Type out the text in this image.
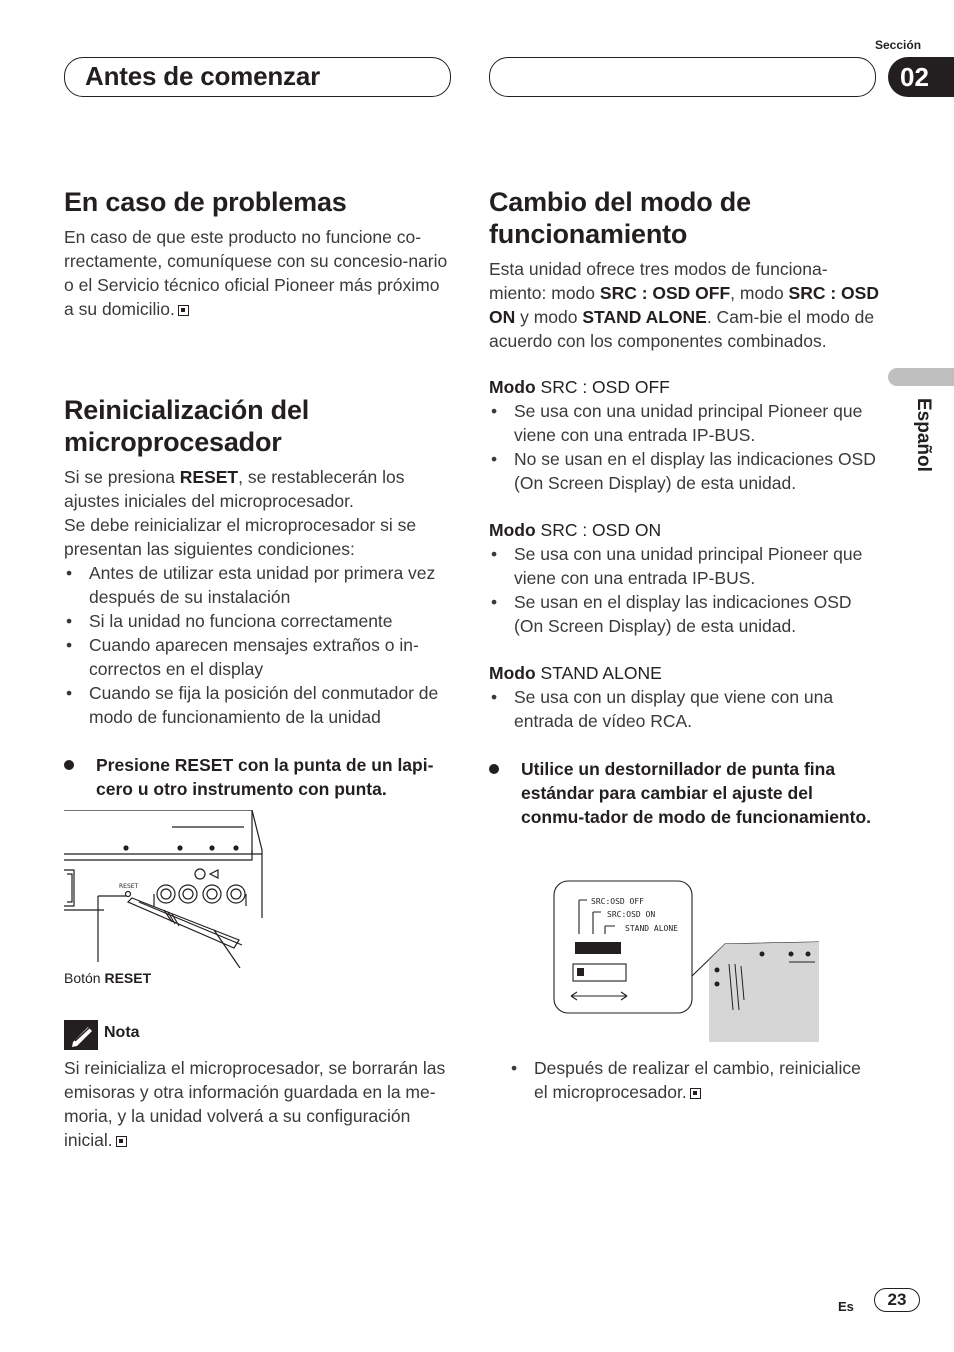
Antes de comenzar
Sección
02
Español
En caso de problemas

En caso de que este producto no funcione co-rrectamente, comuníquese con su concesio-nario o el Servicio técnico oficial Pioneer más próximo a su domicilio.

Reinicialización del
microprocesador

Si se presiona RESET, se restablecerán los ajustes iniciales del microprocesador.

Se debe reinicializar el microprocesador si se presentan las siguientes condiciones:

• Antes de utilizar esta unidad por primera vez después de su instalación
• Si la unidad no funciona correctamente
• Cuando aparecen mensajes extraños o in-correctos en el display
• Cuando se fija la posición del conmutador de modo de funcionamiento de la unidad

Presione RESET con la punta de un lapi-cero u otro instrumento con punta.

RESET
Botón RESET
Nota

Si reinicializa el microprocesador, se borrarán las emisoras y otra información guardada en la me-moria, y la unidad volverá a su configuración inicial.

Cambio del modo de
funcionamiento

Esta unidad ofrece tres modos de funciona-miento: modo SRC : OSD OFF, modo SRC : OSD ON y modo STAND ALONE. Cam-bie el modo de acuerdo con los componentes combinados.

Modo SRC : OSD OFF

• Se usa con una unidad principal Pioneer que viene con una entrada IP-BUS.
• No se usan en el display las indicaciones OSD (On Screen Display) de esta unidad.

Modo SRC : OSD ON

• Se usa con una unidad principal Pioneer que viene con una entrada IP-BUS.
• Se usan en el display las indicaciones OSD (On Screen Display) de esta unidad.

Modo STAND ALONE

• Se usa con un display que viene con una entrada de vídeo RCA.

Utilice un destornillador de punta fina estándar para cambiar el ajuste del conmu-tador de modo de funcionamiento.

SRC:OSD OFF
SRC:OSD ON
STAND ALONE
• Después de realizar el cambio, reinicialice el microprocesador.
Es	23
